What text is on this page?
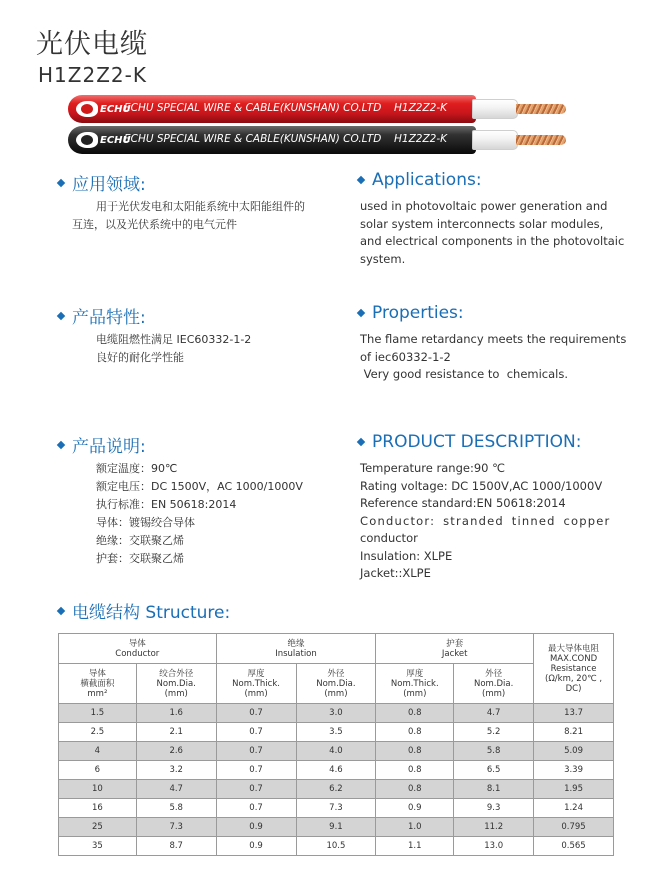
光伏电缆
H1Z2Z2-K
ECHU
ECHU SPECIAL WIRE & CABLE(KUNSHAN) CO.LTD H1Z2Z2-K
ECHU
ECHU SPECIAL WIRE & CABLE(KUNSHAN) CO.LTD H1Z2Z2-K
应用领域:
用于光伏发电和太阳能系统中太阳能组件的
互连，以及光伏系统中的电气元件
Applications:
used in photovoltaic power generation and
solar system interconnects solar modules,
and electrical components in the photovoltaic
system.
产品特性:
电缆阻燃性满足 IEC60332-1-2
良好的耐化学性能
Properties:
The flame retardancy meets the requirements
of iec60332-1-2
Very good resistance to  chemicals.
产品说明:
额定温度：90℃
额定电压：DC 1500V，AC 1000/1000V
执行标准：EN 50618:2014
导体：镀锡绞合导体
绝缘：交联聚乙烯
护套：交联聚乙烯
PRODUCT DESCRIPTION:
Temperature range:90 ℃
Rating voltage: DC 1500V,AC 1000/1000V
Reference standard:EN 50618:2014
Conductor: stranded tinned copper
conductor
Insulation: XLPE
Jacket::XLPE
电缆结构 Structure:
导体
Conductor		绝缘
Insulation		护套
Jacket		最大导体电阻
MAX.COND
Resistance
(Ω/km, 20℃ ,
DC)

导体
横截面积
mm²	绞合外径
Nom.Dia.
(mm)	厚度
Nom.Thick.
(mm)	外径
Nom.Dia.
(mm)	厚度
Nom.Thick.
(mm)	外径
Nom.Dia.
(mm)	

1.5	1.6	0.7	3.0	0.8	4.7	13.7
2.5	2.1	0.7	3.5	0.8	5.2	8.21
4	2.6	0.7	4.0	0.8	5.8	5.09
6	3.2	0.7	4.6	0.8	6.5	3.39
10	4.7	0.7	6.2	0.8	8.1	1.95
16	5.8	0.7	7.3	0.9	9.3	1.24
25	7.3	0.9	9.1	1.0	11.2	0.795
35	8.7	0.9	10.5	1.1	13.0	0.565
